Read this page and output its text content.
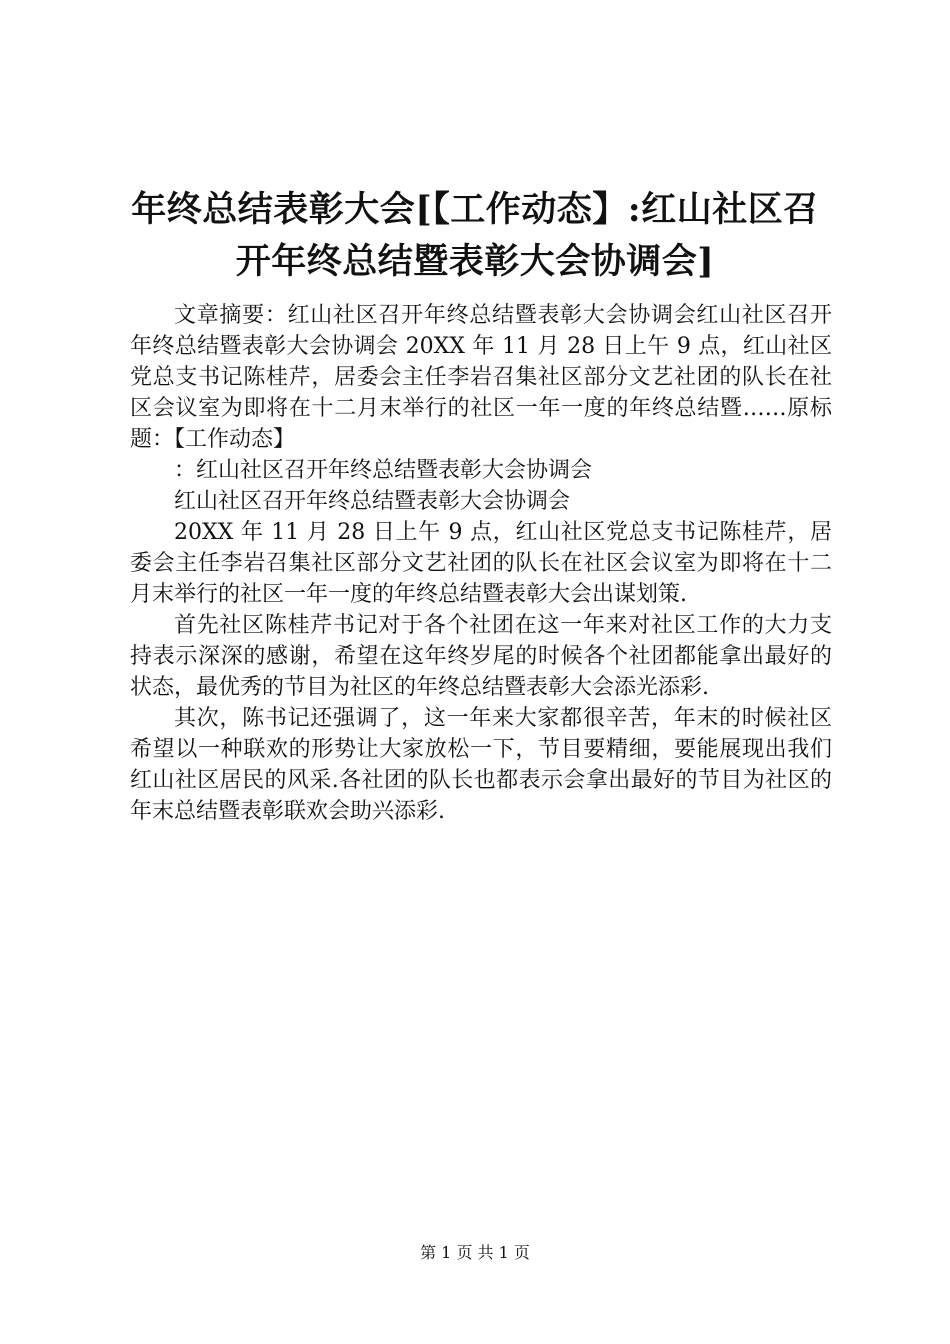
年终总结表彰大会[【工作动态】:红山社区召
开年终总结暨表彰大会协调会]

文章摘要：红山社区召开年终总结暨表彰大会协调会红山社区召开年终总结暨表彰大会协调会 20XX 年 11 月 28 日上午 9 点，红山社区党总支书记陈桂芹，居委会主任李岩召集社区部分文艺社团的队长在社区会议室为即将在十二月末举行的社区一年一度的年终总结暨……原标题：【工作动态】

：红山社区召开年终总结暨表彰大会协调会

红山社区召开年终总结暨表彰大会协调会

20XX 年 11 月 28 日上午 9 点，红山社区党总支书记陈桂芹，居委会主任李岩召集社区部分文艺社团的队长在社区会议室为即将在十二月末举行的社区一年一度的年终总结暨表彰大会出谋划策.

首先社区陈桂芹书记对于各个社团在这一年来对社区工作的大力支持表示深深的感谢，希望在这年终岁尾的时候各个社团都能拿出最好的状态，最优秀的节目为社区的年终总结暨表彰大会添光添彩.

其次，陈书记还强调了，这一年来大家都很辛苦，年末的时候社区希望以一种联欢的形势让大家放松一下，节目要精细，要能展现出我们红山社区居民的风采.各社团的队长也都表示会拿出最好的节目为社区的年末总结暨表彰联欢会助兴添彩.

第 1 页 共 1 页
